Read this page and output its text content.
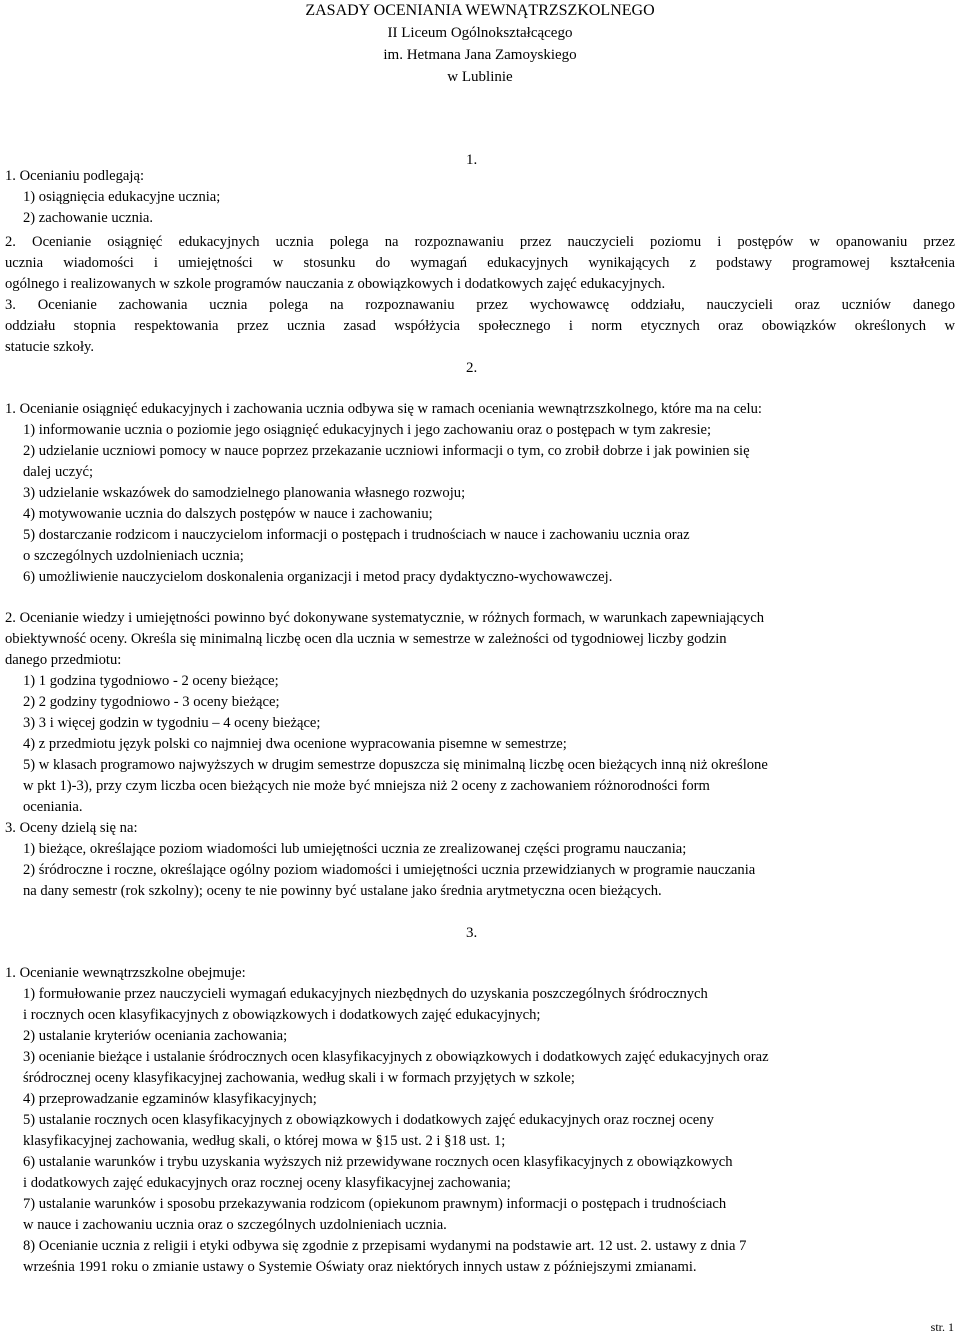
ZASADY OCENIANIA WEWNĄTRZSZKOLNEGO
II Liceum Ogólnokształcącego
im. Hetmana Jana Zamoyskiego
w Lublinie
1.
1. Ocenianiu podlegają:
1) osiągnięcia edukacyjne ucznia;
2) zachowanie ucznia.
2. Ocenianie osiągnięć edukacyjnych ucznia polega na rozpoznawaniu przez nauczycieli poziomu i postępów w opanowaniu przez
ucznia wiadomości i umiejętności w stosunku do wymagań edukacyjnych wynikających z podstawy programowej kształcenia
ogólnego i realizowanych w szkole programów nauczania z obowiązkowych i dodatkowych zajęć edukacyjnych.
3. Ocenianie zachowania ucznia polega na rozpoznawaniu przez wychowawcę oddziału, nauczycieli oraz uczniów danego
oddziału stopnia respektowania przez ucznia zasad współżycia społecznego i norm etycznych oraz obowiązków określonych w
statucie szkoły.
2.
1. Ocenianie osiągnięć edukacyjnych i zachowania ucznia odbywa się w ramach oceniania wewnątrzszkolnego, które ma na celu:
1) informowanie ucznia o poziomie jego osiągnięć edukacyjnych i jego zachowaniu oraz o postępach w tym zakresie;
2) udzielanie uczniowi pomocy w nauce poprzez przekazanie uczniowi informacji o tym, co zrobił dobrze i jak powinien się
dalej uczyć;
3) udzielanie wskazówek do samodzielnego planowania własnego rozwoju;
4) motywowanie ucznia do dalszych postępów w nauce i zachowaniu;
5) dostarczanie rodzicom i nauczycielom informacji o postępach i trudnościach w nauce i zachowaniu ucznia oraz
o szczególnych uzdolnieniach ucznia;
6) umożliwienie nauczycielom doskonalenia organizacji i metod pracy dydaktyczno-wychowawczej.
2. Ocenianie wiedzy i umiejętności powinno być dokonywane systematycznie, w różnych formach, w warunkach zapewniających
obiektywność oceny. Określa się minimalną liczbę ocen dla ucznia w semestrze w zależności od tygodniowej liczby godzin
danego przedmiotu:
1) 1 godzina tygodniowo - 2 oceny bieżące;
2) 2 godziny tygodniowo - 3 oceny bieżące;
3) 3 i więcej godzin w tygodniu – 4 oceny bieżące;
4) z przedmiotu język polski co najmniej dwa ocenione wypracowania pisemne w semestrze;
5) w klasach programowo najwyższych w drugim semestrze dopuszcza się minimalną liczbę ocen bieżących inną niż określone
w pkt 1)-3), przy czym liczba ocen bieżących nie może być mniejsza niż 2 oceny z zachowaniem różnorodności form
oceniania.
3. Oceny dzielą się na:
1) bieżące, określające poziom wiadomości lub umiejętności ucznia ze zrealizowanej części programu nauczania;
2) śródroczne i roczne, określające ogólny poziom wiadomości i umiejętności ucznia przewidzianych w programie nauczania
na dany semestr (rok szkolny); oceny te nie powinny być ustalane jako średnia arytmetyczna ocen bieżących.
3.
1. Ocenianie wewnątrzszkolne obejmuje:
1) formułowanie przez nauczycieli wymagań edukacyjnych niezbędnych do uzyskania poszczególnych śródrocznych
i rocznych ocen klasyfikacyjnych z obowiązkowych i dodatkowych zajęć edukacyjnych;
2) ustalanie kryteriów oceniania zachowania;
3) ocenianie bieżące i ustalanie śródrocznych ocen klasyfikacyjnych z obowiązkowych i dodatkowych zajęć edukacyjnych oraz
śródrocznej oceny klasyfikacyjnej zachowania, według skali i w formach przyjętych w szkole;
4) przeprowadzanie egzaminów klasyfikacyjnych;
5) ustalanie rocznych ocen klasyfikacyjnych z obowiązkowych i dodatkowych zajęć edukacyjnych oraz rocznej oceny
klasyfikacyjnej zachowania, według skali, o której mowa w §15 ust. 2 i §18 ust. 1;
6) ustalanie warunków i trybu uzyskania wyższych niż przewidywane rocznych ocen klasyfikacyjnych z obowiązkowych
i dodatkowych zajęć edukacyjnych oraz rocznej oceny klasyfikacyjnej zachowania;
7) ustalanie warunków i sposobu przekazywania rodzicom (opiekunom prawnym) informacji o postępach i trudnościach
w nauce i zachowaniu ucznia oraz o szczególnych uzdolnieniach ucznia.
8) Ocenianie ucznia z religii i etyki odbywa się zgodnie z przepisami wydanymi na podstawie art. 12 ust. 2. ustawy z dnia 7
września 1991 roku o zmianie ustawy o Systemie Oświaty oraz niektórych innych ustaw z późniejszymi zmianami.
str. 1
